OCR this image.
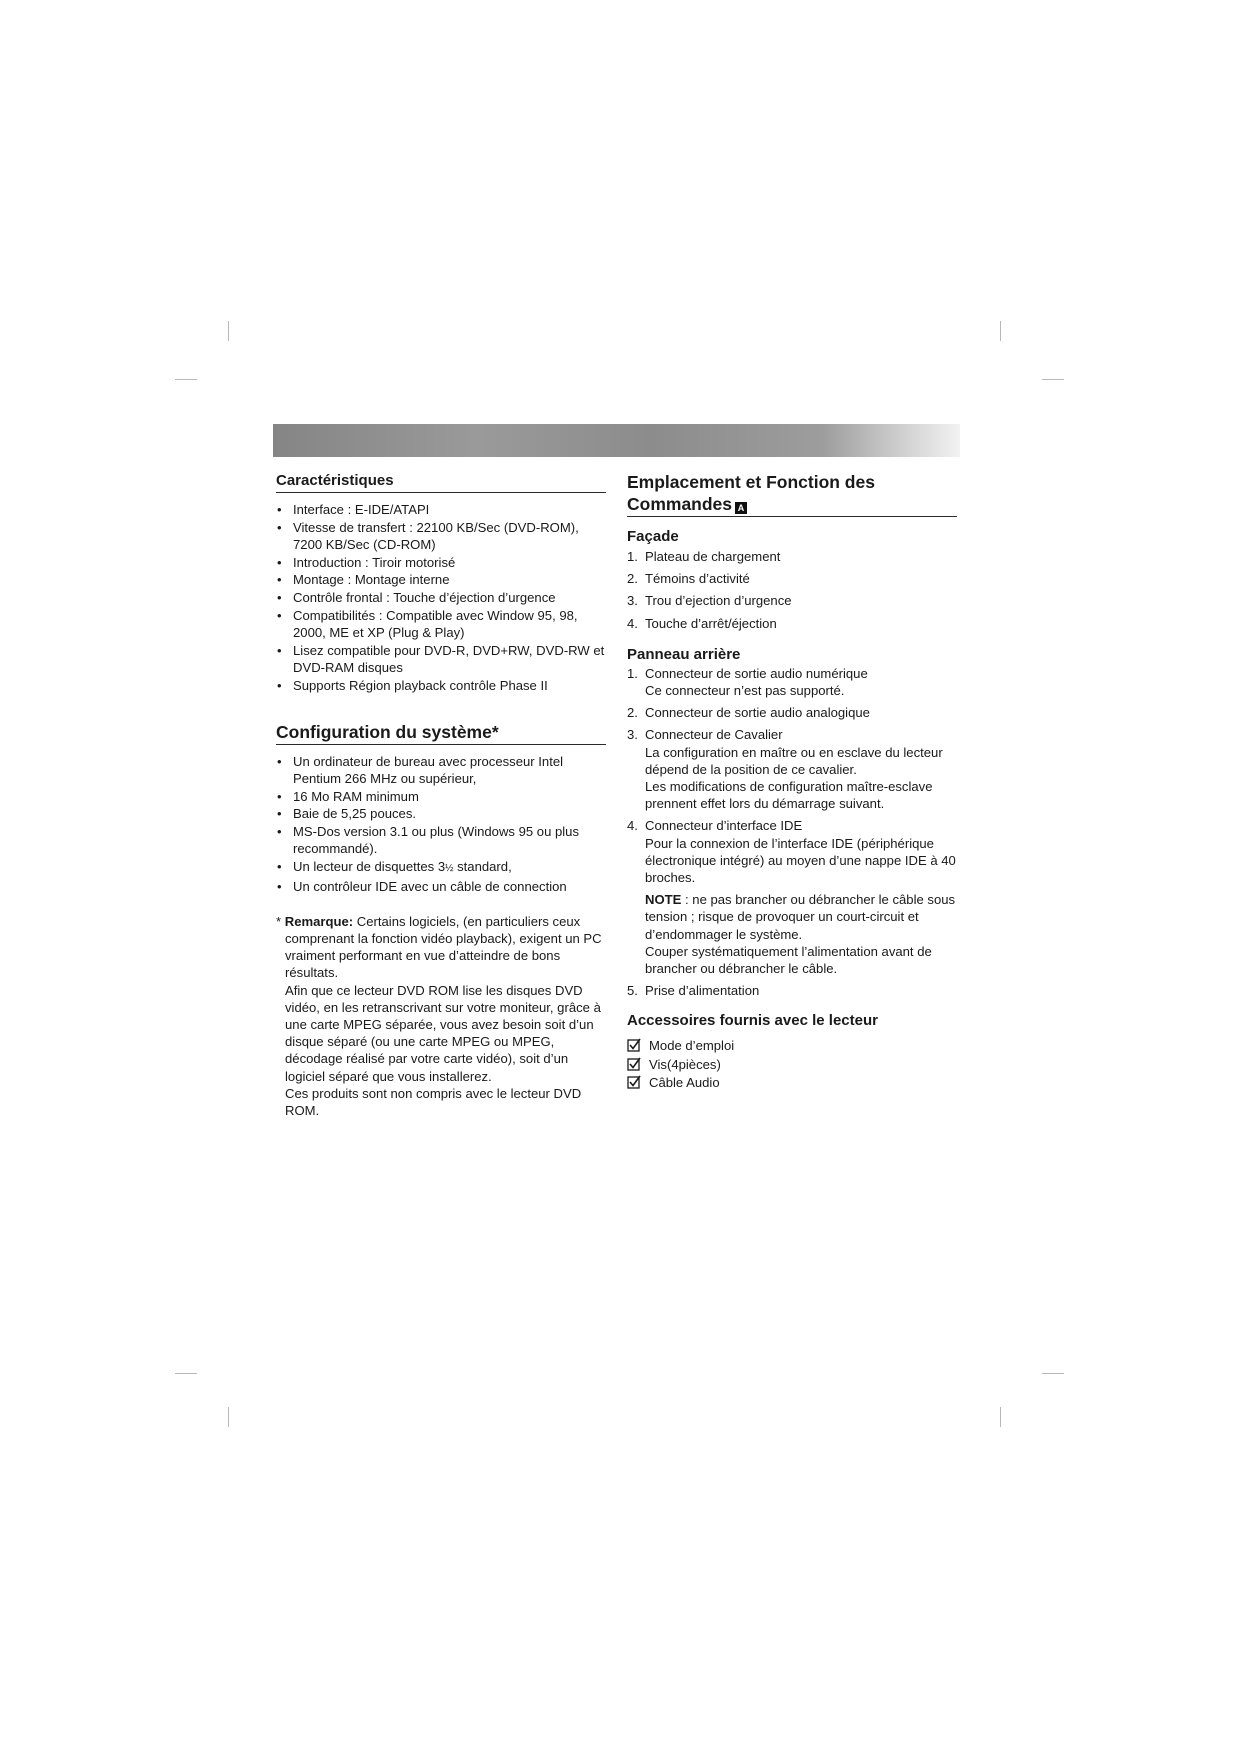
Caractéristiques
• Interface : E-IDE/ATAPI
• Vitesse de transfert : 22100 KB/Sec (DVD-ROM), 7200 KB/Sec (CD-ROM)
• Introduction : Tiroir motorisé
• Montage : Montage interne
• Contrôle frontal : Touche d’éjection d’urgence
• Compatibilités : Compatible avec Window 95, 98, 2000, ME et XP (Plug & Play)
• Lisez compatible pour DVD-R, DVD+RW, DVD-RW et DVD-RAM disques
• Supports Région playback contrôle Phase II
Configuration du système*
• Un ordinateur de bureau avec processeur Intel Pentium 266 MHz ou supérieur,
• 16 Mo RAM minimum
• Baie de 5,25 pouces.
• MS-Dos version 3.1 ou plus (Windows 95 ou plus recommandé).
• Un lecteur de disquettes 3½ standard,
• Un contrôleur IDE avec un câble de connection

* Remarque: Certains logiciels, (en particuliers ceux comprenant la fonction vidéo playback), exigent un PC vraiment performant en vue d’atteindre de bons résultats.

Afin que ce lecteur DVD ROM lise les disques DVD vidéo, en les retranscrivant sur votre moniteur, grâce à une carte MPEG séparée, vous avez besoin soit d’un disque séparé (ou une carte MPEG ou MPEG, décodage réalisé par votre carte vidéo), soit d’un logiciel séparé que vous installerez.

Ces produits sont non compris avec le lecteur DVD ROM.

Emplacement et Fonction des
Commandes A
Façade
1. Plateau de chargement
2. Témoins d’activité
3. Trou d’ejection d’urgence
4. Touche d’arrêt/éjection
Panneau arrière
1. Connecteur de sortie audio numérique
Ce connecteur n’est pas supporté.
2. Connecteur de sortie audio analogique
3. Connecteur de Cavalier
La configuration en maître ou en esclave du lecteur dépend de la position de ce cavalier.
Les modifications de configuration maître-esclave prennent effet lors du démarrage suivant.
4. Connecteur d’interface IDE
Pour la connexion de l’interface IDE (périphérique électronique intégré) au moyen d’une nappe IDE à 40 broches.
NOTE : ne pas brancher ou débrancher le câble sous tension ; risque de provoquer un court-circuit et d’endommager le système.
Couper systématiquement l’alimentation avant de brancher ou débrancher le câble.
5. Prise d’alimentation
Accessoires fournis avec le lecteur
Mode d’emploi
Vis(4pièces)
Câble Audio
